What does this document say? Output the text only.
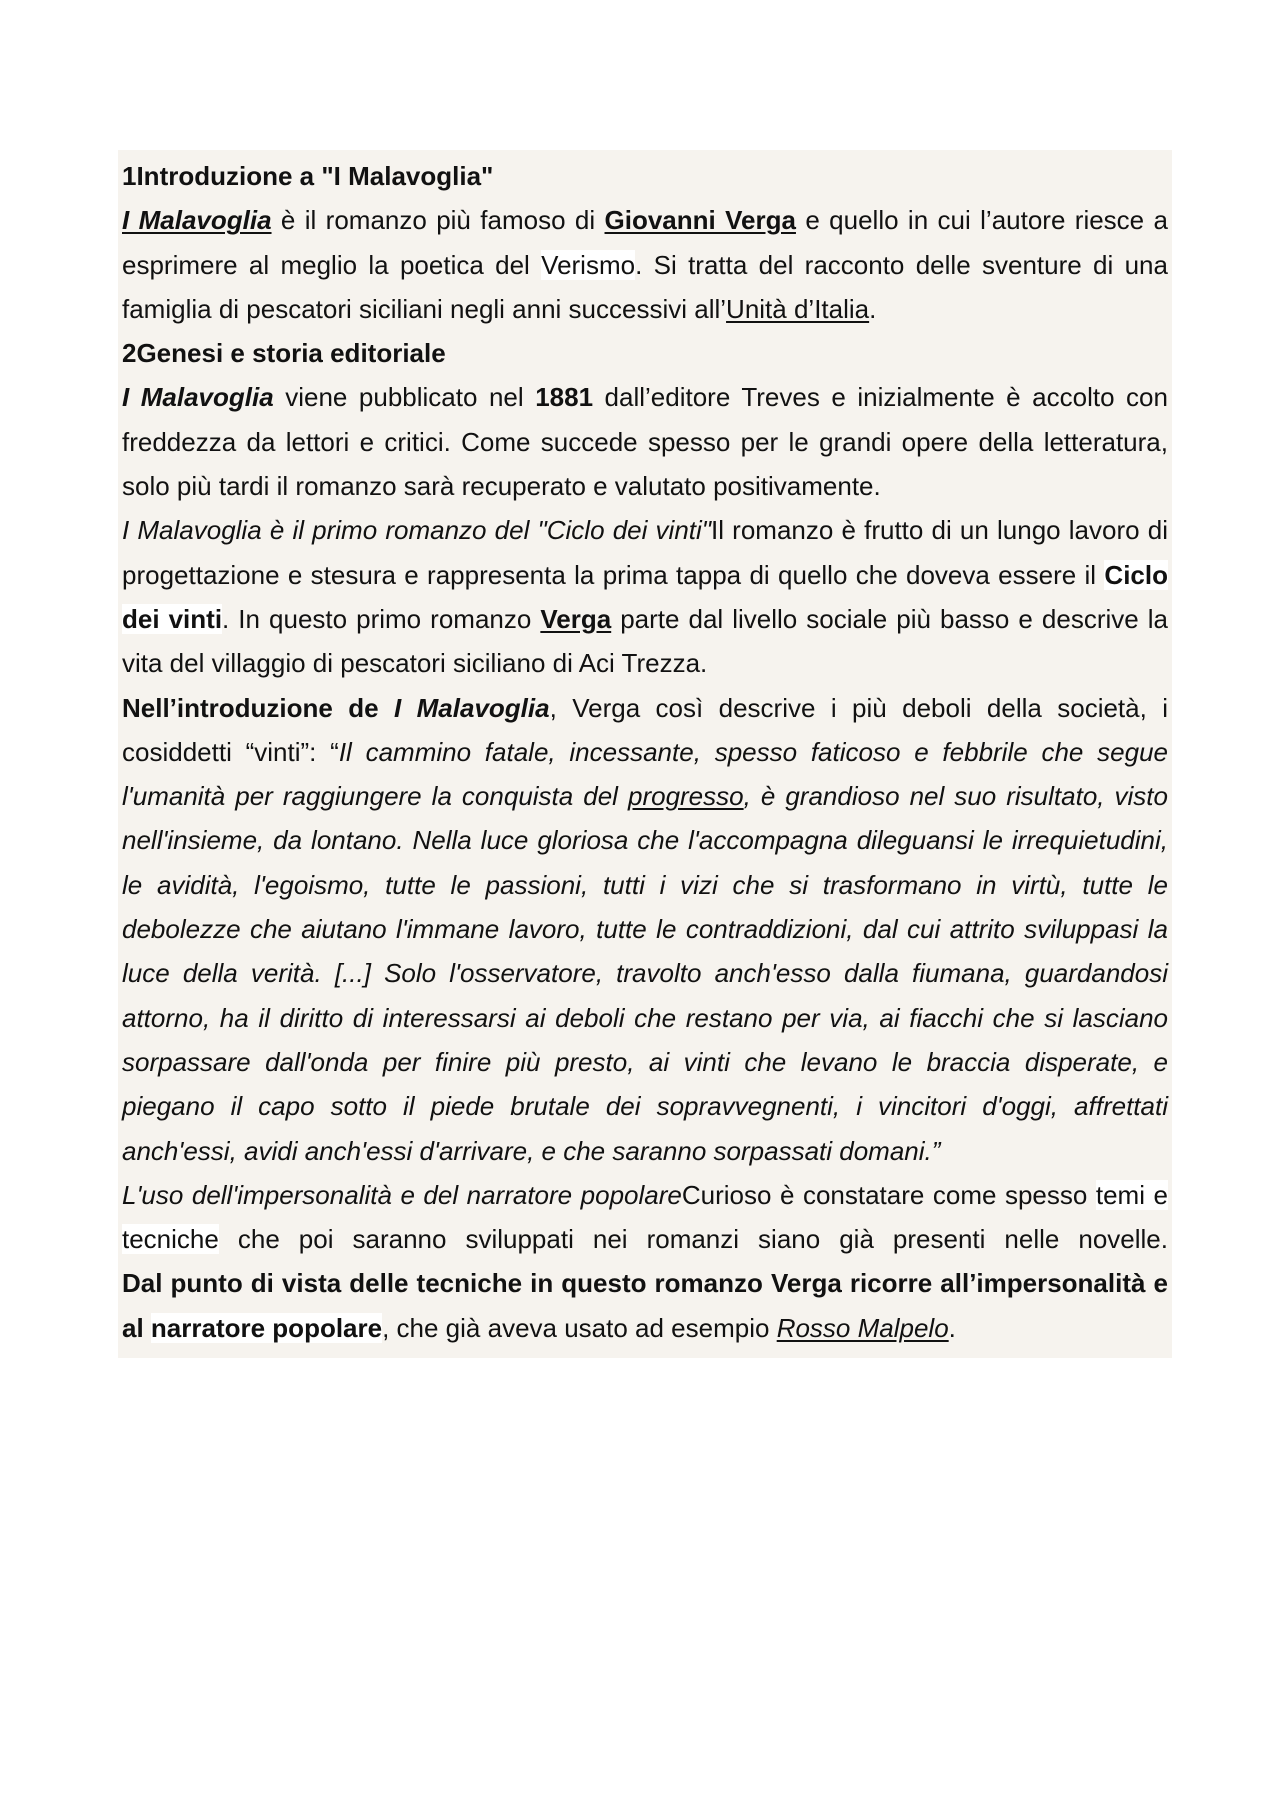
1Introduzione a "I Malavoglia"

I Malavoglia è il romanzo più famoso di Giovanni Verga e quello in cui l’autore riesce a esprimere al meglio la poetica del Verismo. Si tratta del racconto delle sventure di una famiglia di pescatori siciliani negli anni successivi all’Unità d’Italia.

2Genesi e storia editoriale

I Malavoglia viene pubblicato nel 1881 dall’editore Treves e inizialmente è accolto con freddezza da lettori e critici. Come succede spesso per le grandi opere della letteratura, solo più tardi il romanzo sarà recuperato e valutato positivamente.

I Malavoglia è il primo romanzo del "Ciclo dei vinti"Il romanzo è frutto di un lungo lavoro di progettazione e stesura e rappresenta la prima tappa di quello che doveva essere il Ciclo dei vinti. In questo primo romanzo Verga parte dal livello sociale più basso e descrive la vita del villaggio di pescatori siciliano di Aci Trezza.

Nell’introduzione de I Malavoglia, Verga così descrive i più deboli della società, i cosiddetti “vinti”: “Il cammino fatale, incessante, spesso faticoso e febbrile che segue l'umanità per raggiungere la conquista del progresso, è grandioso nel suo risultato, visto nell'insieme, da lontano. Nella luce gloriosa che l'accompagna dileguansi le irrequietudini, le avidità, l'egoismo, tutte le passioni, tutti i vizi che si trasformano in virtù, tutte le debolezze che aiutano l'immane lavoro, tutte le contraddizioni, dal cui attrito sviluppasi la luce della verità. [...] Solo l'osservatore, travolto anch'esso dalla fiumana, guardandosi attorno, ha il diritto di interessarsi ai deboli che restano per via, ai fiacchi che si lasciano sorpassare dall'onda per finire più presto, ai vinti che levano le braccia disperate, e piegano il capo sotto il piede brutale dei sopravvegnenti, i vincitori d'oggi, affrettati anch'essi, avidi anch'essi d'arrivare, e che saranno sorpassati domani.”

L'uso dell'impersonalità e del narratore popolareCurioso è constatare come spesso temi e tecniche che poi saranno sviluppati nei romanzi siano già presenti nelle novelle.

Dal punto di vista delle tecniche in questo romanzo Verga ricorre all’impersonalità e al narratore popolare, che già aveva usato ad esempio Rosso Malpelo.
